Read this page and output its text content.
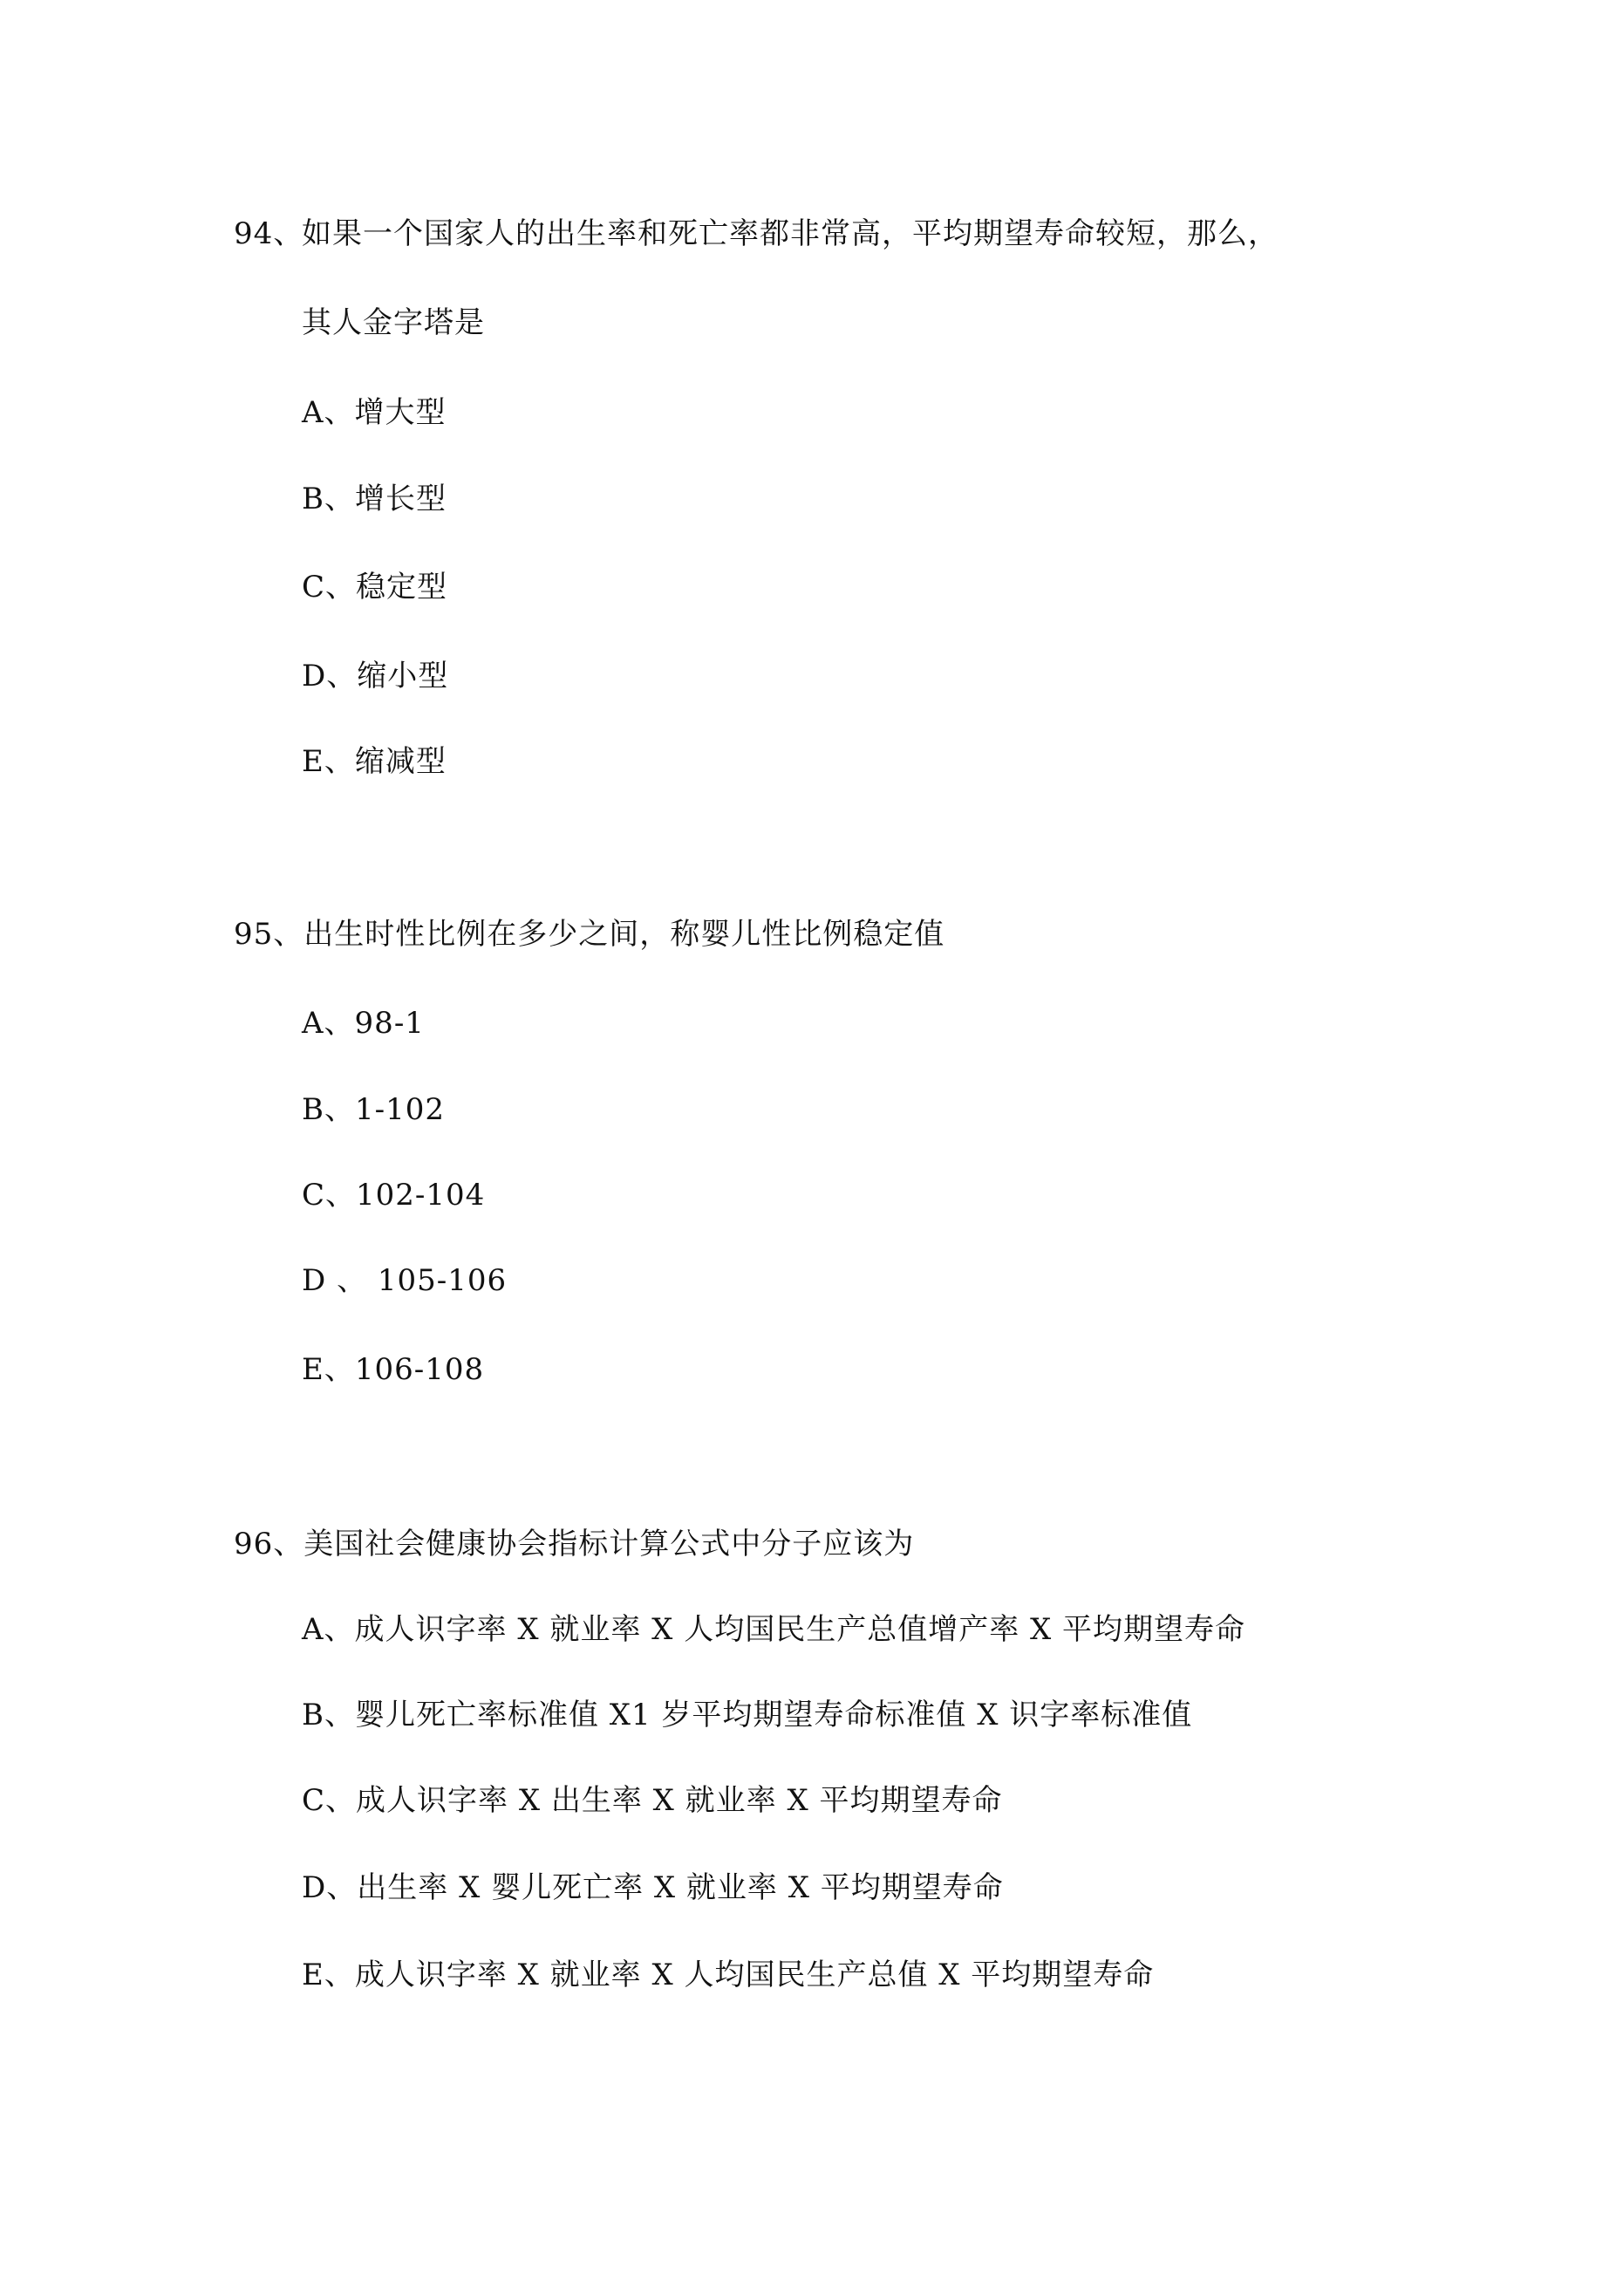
94、
如果一个国家人的出生率和死亡率都非常高，平均期望寿命较短，那么，
其人金字塔是
A、增大型
B、增长型
C、稳定型
D、缩小型
E、缩减型
95、出生时性比例在多少之间，称婴儿性比例稳定值
A、98-1
B、1-102
C、102-104
D 、 105-106
E、106-108
96、美国社会健康协会指标计算公式中分子应该为
A、成人识字率 X 就业率 X 人均国民生产总值增产率 X 平均期望寿命
B、婴儿死亡率标准值 X1 岁平均期望寿命标准值 X 识字率标准值
C、成人识字率 X 出生率 X 就业率 X 平均期望寿命
D、出生率 X 婴儿死亡率 X 就业率 X 平均期望寿命
E、成人识字率 X 就业率 X 人均国民生产总值 X 平均期望寿命
